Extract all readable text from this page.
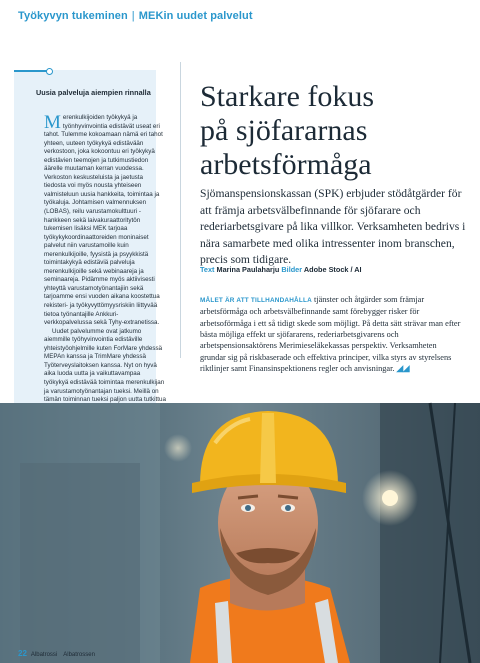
Työkyvyn tukeminen | MEKin uudet palvelut
Uusia palveluja aiempien rinnalla

Merenkulkijoiden työkykyä ja työnhyvinvointia edistävät useat eri tahot. Tulemme kokoamaan nämä eri tahot yhteen, uuteen työkykyä edistävään verkostoon, joka kokoontuu eri työkykyä edistävien teemojen ja tutkimustiedon äärelle muutaman kerran vuodessa. Verkoston keskusteluista ja jaetusta tiedosta voi myös nousta yhteiseen valmisteluun uusia hankkeita, toimintaa ja työkaluja. Johtamisen valmennuksen (LOBAS), reilu varustamokulttuuri -hankkeen sekä laivakuraattoritytön tukemisen lisäksi MEK tarjoaa työkykykoordinaattoreiden moninaiset palvelut niin varustamoille kuin merenkulkijoille, fyysistä ja psyykkistä toimintakykyä edistäviä palveluja merenkulkijoille sekä webinaareja ja seminaareja. Pidämme myös aktiivisesti yhteyttä varustamotyönantajiin sekä tarjoamme ensi vuoden aikana koostettua rekisteri- ja työkyvyttömyysriskiin liittyvää tietoa työnantajille Ankkuri-verkkopalvelussa sekä Tyhy-extranetissa.

Uudet palvelumme ovat jatkumo aiemmille työhyvinvointia edistäville yhteistyöohjelmille kuten ForMare yhdessä MEPAn kanssa ja TrimMare yhdessä Työterveyslaitoksen kanssa. Nyt on hyvä aika luoda uutta ja vaikuttavampaa työkykyä edistävää toimintaa merenkulkijan ja varustamotyönantajan tueksi. Meillä on tämän toiminnan tueksi paljon uutta tutkittua

Starkare fokus
på sjöfararnas
arbetsförmåga
Sjömanspensionskassan (SPK) erbjuder stödåtgärder för att främja arbetsvälbefinnande för sjöfarare och rederiarbetsgivare på lika villkor. Verksamheten bedrivs i nära samarbete med olika intressenter inom branschen, precis som tidigare.
Text Marina Paulaharju Bilder Adobe Stock / AI
MÅLET ÄR ATT TILLHANDAHÅLLA tjänster och åtgärder som främjar arbetsförmåga och arbetsvälbefinnande samt förebygger risker för arbetsoförmåga i ett så tidigt skede som möjligt. På detta sätt strävar man efter bästa möjliga effekt ur sjöfararens, rederiarbetsgivarens och arbetspensionsaktörens Merimieseläkekassas perspektiv. Verksamheten grundar sig på riskbaserade och effektiva principer, vilka styrs av styrelsens riktlinjer samt Finansinspektionens regler och anvisningar. ◢◢
22 Albatrossi Albatrossen
